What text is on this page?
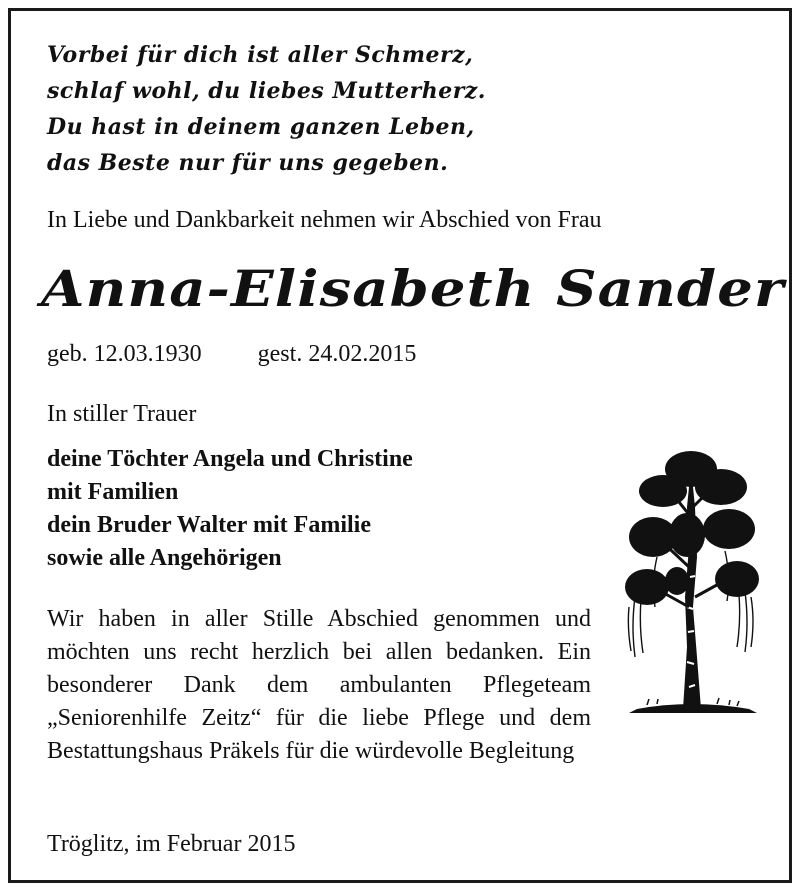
Vorbei für dich ist aller Schmerz,
schlaf wohl, du liebes Mutterherz.
Du hast in deinem ganzen Leben,
das Beste nur für uns gegeben.
In Liebe und Dankbarkeit nehmen wir Abschied von Frau
Anna-Elisabeth Sander
geb. 12.03.1930 gest. 24.02.2015
In stiller Trauer
deine Töchter Angela und Christine
mit Familien
dein Bruder Walter mit Familie
sowie alle Angehörigen
Wir haben in aller Stille Abschied genommen und möchten uns recht herzlich bei allen bedanken. Ein besonderer Dank dem ambulanten Pflegeteam „Seniorenhilfe Zeitz“ für die liebe Pflege und dem Bestattungshaus Präkels für die würdevolle Begleitung
Tröglitz, im Februar 2015
